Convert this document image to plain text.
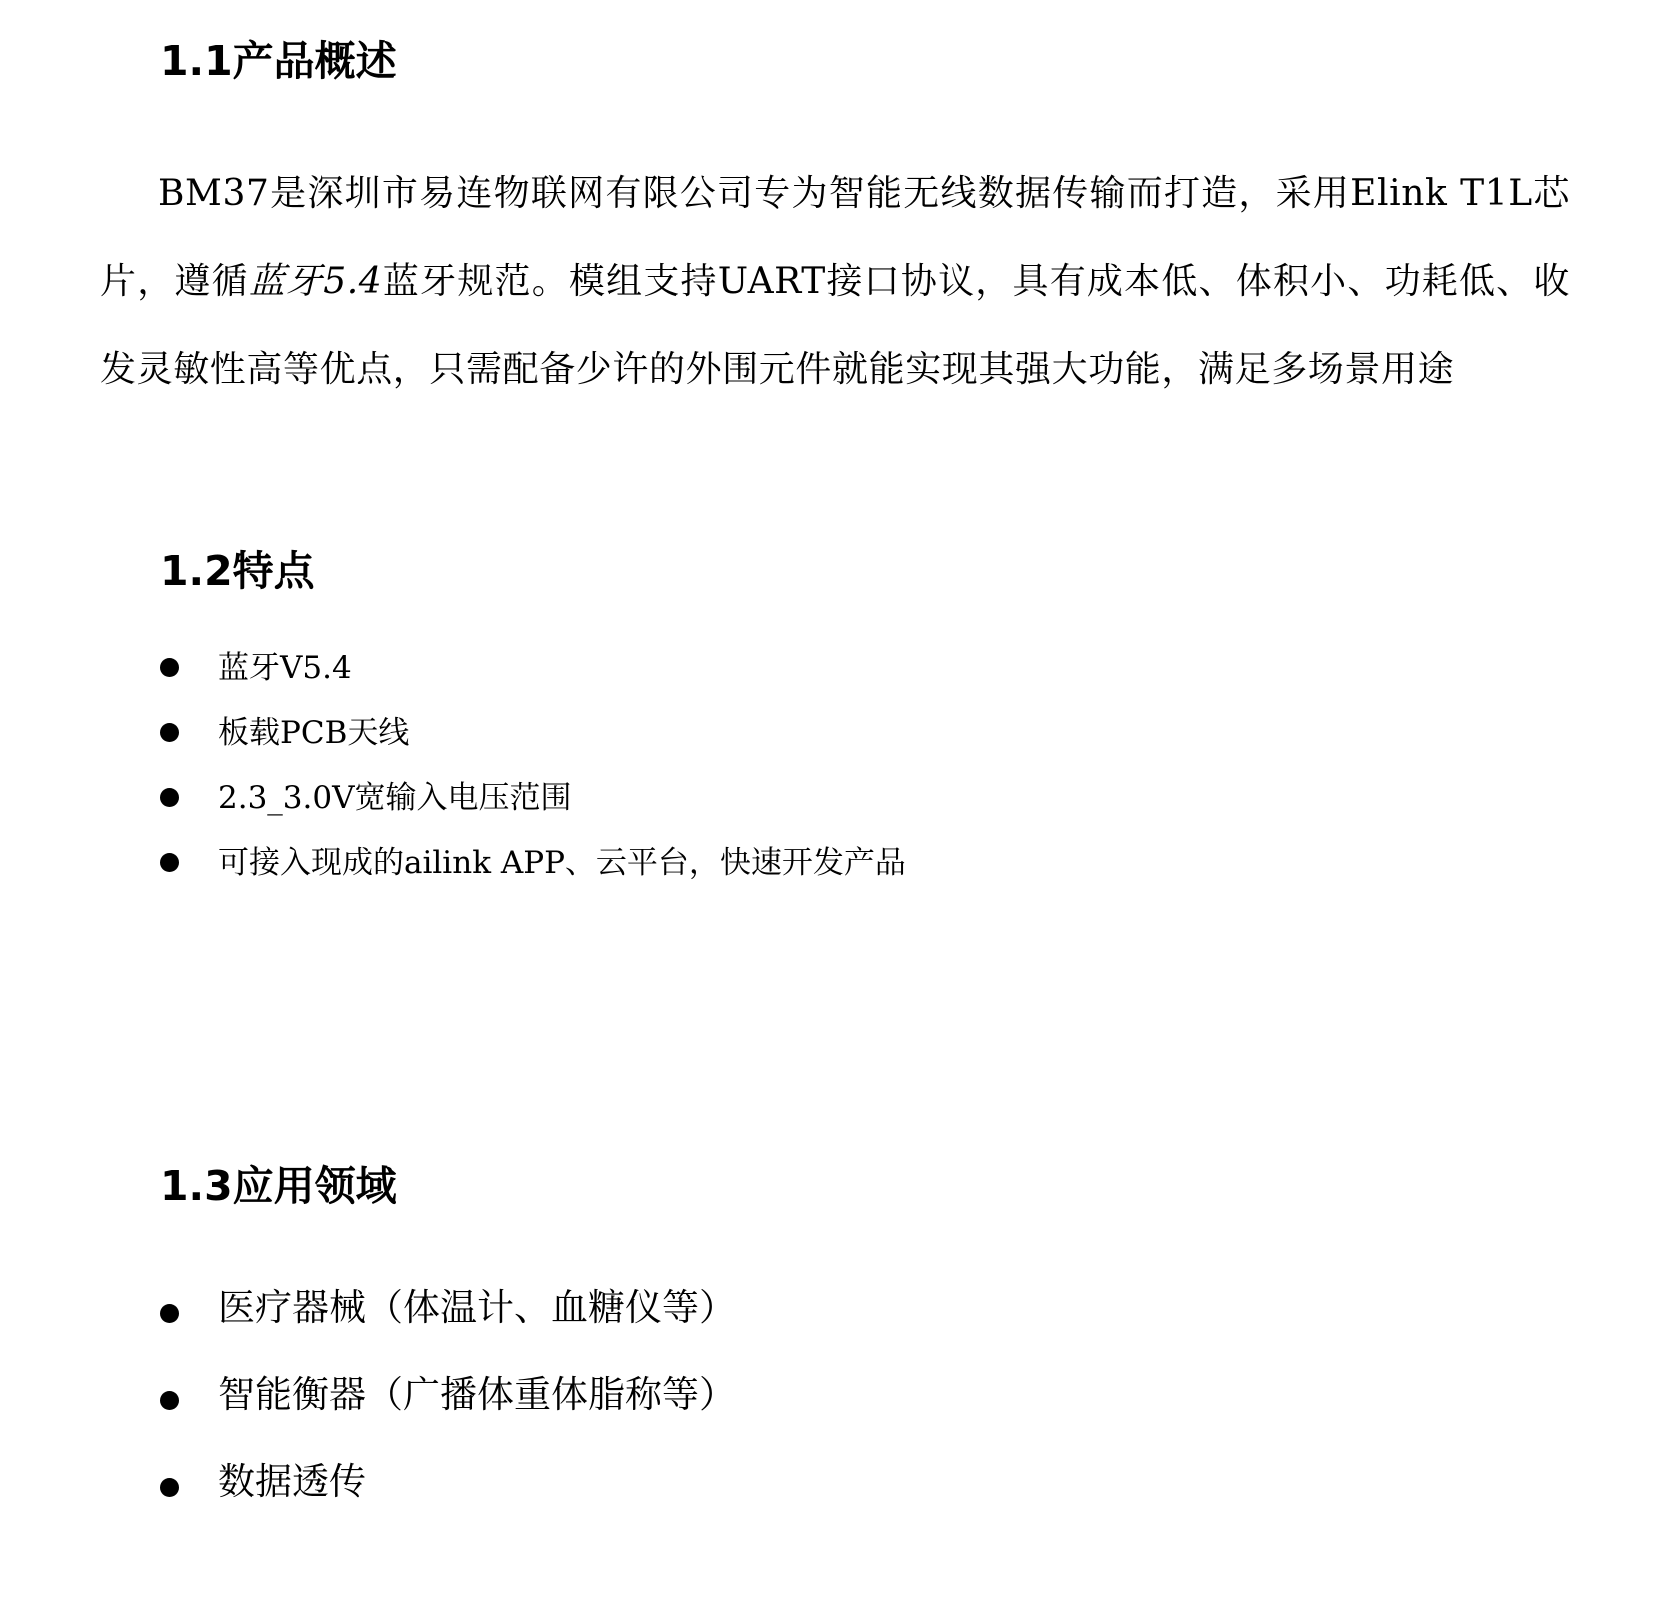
1.1产品概述

BM37是深圳市易连物联网有限公司专为智能无线数据传输而打造，采用Elink T1L芯片，遵循蓝牙5.4蓝牙规范。模组支持UART接口协议，具有成本低、体积小、功耗低、收发灵敏性高等优点，只需配备少许的外围元件就能实现其强大功能，满足多场景用途

1.2特点
蓝牙V5.4
板载PCB天线
2.3_3.0V宽输入电压范围
可接入现成的ailink APP、云平台，快速开发产品
1.3应用领域
医疗器械（体温计、血糖仪等）
智能衡器（广播体重体脂称等）
数据透传
